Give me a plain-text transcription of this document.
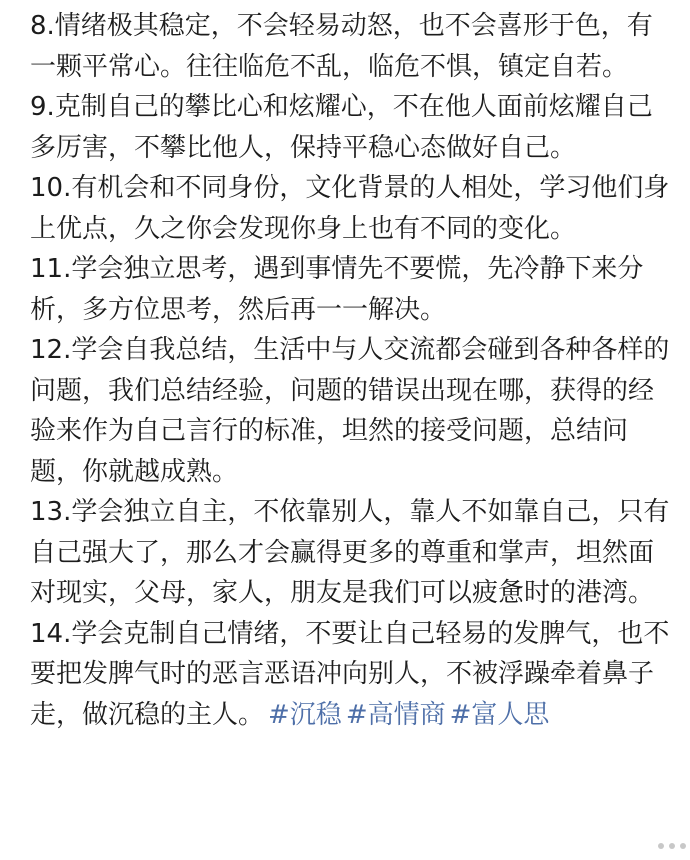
8.情绪极其稳定，不会轻易动怒，也不会喜形于色，有一颗平常心。往往临危不乱，临危不惧，镇定自若。

9.克制自己的攀比心和炫耀心，不在他人面前炫耀自己多厉害，不攀比他人，保持平稳心态做好自己。

10.有机会和不同身份，文化背景的人相处，学习他们身上优点，久之你会发现你身上也有不同的变化。

11.学会独立思考，遇到事情先不要慌，先冷静下来分析，多方位思考，然后再一一解决。

12.学会自我总结，生活中与人交流都会碰到各种各样的问题，我们总结经验，问题的错误出现在哪，获得的经验来作为自己言行的标准，坦然的接受问题，总结问题，你就越成熟。

13.学会独立自主，不依靠别人，靠人不如靠自己，只有自己强大了，那么才会赢得更多的尊重和掌声，坦然面对现实，父母，家人，朋友是我们可以疲惫时的港湾。

14.学会克制自己情绪，不要让自己轻易的发脾气，也不要把发脾气时的恶言恶语冲向别人，不被浮躁牵着鼻子走，做沉稳的主人。 #沉稳 #高情商 #富人思
